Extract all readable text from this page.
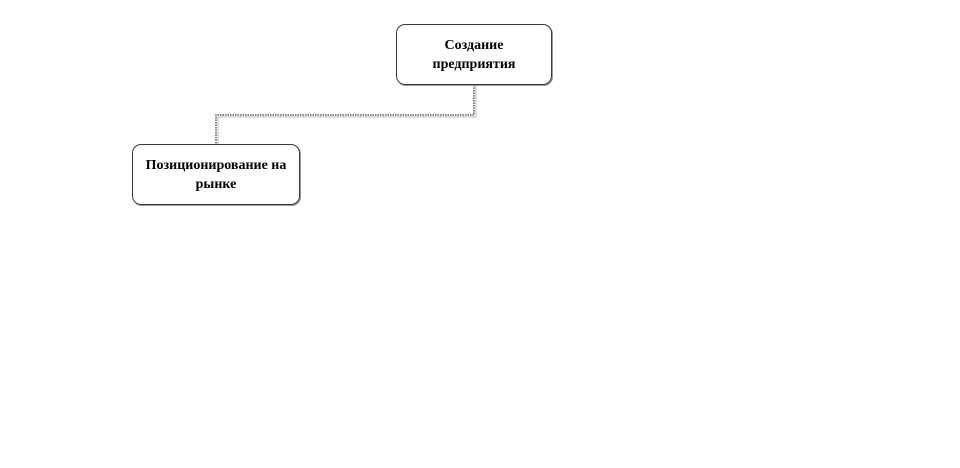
Создание предприятия
Позиционирование на рынке
